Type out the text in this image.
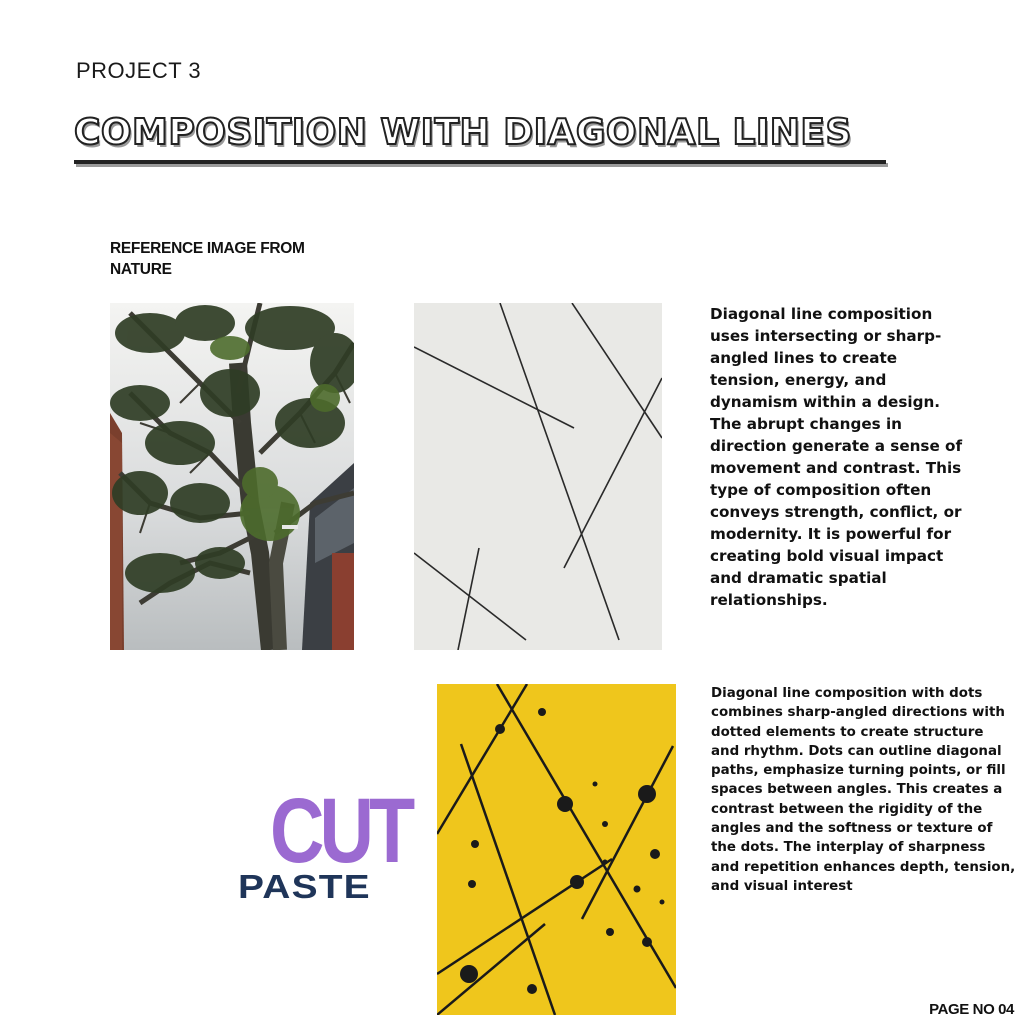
PROJECT 3
COMPOSITION WITH DIAGONAL LINES
REFERENCE IMAGE FROM NATURE
Diagonal line composition uses intersecting or sharp-angled lines to create tension, energy, and dynamism within a design. The abrupt changes in direction generate a sense of movement and contrast. This type of composition often conveys strength, conflict, or modernity. It is powerful for creating bold visual impact and dramatic spatial relationships.
Diagonal line composition with dots combines sharp-angled directions with dotted elements to create structure and rhythm. Dots can outline diagonal paths, emphasize turning points, or fill spaces between angles. This creates a contrast between the rigidity of the angles and the softness or texture of the dots. The interplay of sharpness and repetition enhances depth, tension, and visual interest
CUT
PASTE
PAGE NO 04
